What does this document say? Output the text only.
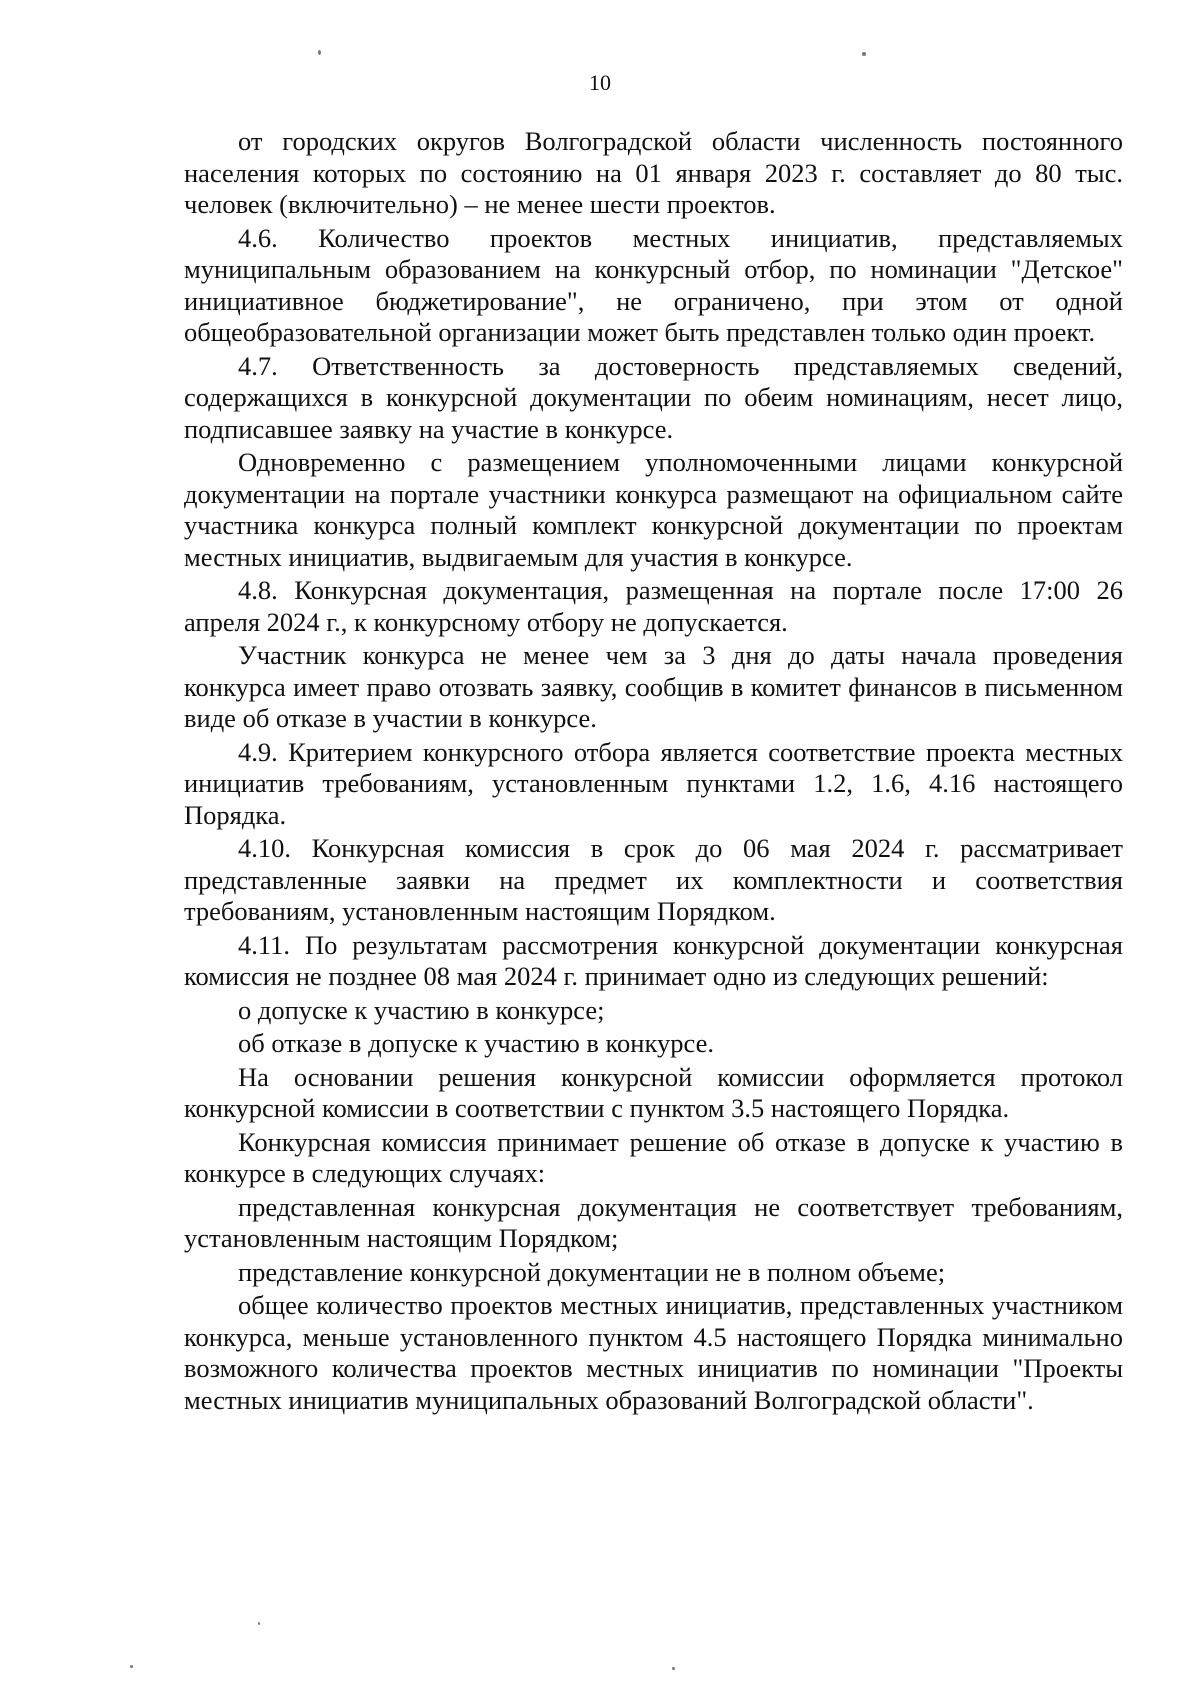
10

от городских округов Волгоградской области численность постоянного населения которых по состоянию на 01 января 2023 г. составляет до 80 тыс. человек (включительно) – не менее шести проектов.

4.6. Количество проектов местных инициатив, представляемых муниципальным образованием на конкурсный отбор, по номинации "Детское" инициативное бюджетирование", не ограничено, при этом от одной общеобразовательной организации может быть представлен только один проект.

4.7. Ответственность за достоверность представляемых сведений, содержащихся в конкурсной документации по обеим номинациям, несет лицо, подписавшее заявку на участие в конкурсе.

Одновременно с размещением уполномоченными лицами конкурсной документации на портале участники конкурса размещают на официальном сайте участника конкурса полный комплект конкурсной документации по проектам местных инициатив, выдвигаемым для участия в конкурсе.

4.8. Конкурсная документация, размещенная на портале после 17:00 26 апреля 2024 г., к конкурсному отбору не допускается.

Участник конкурса не менее чем за 3 дня до даты начала проведения конкурса имеет право отозвать заявку, сообщив в комитет финансов в письменном виде об отказе в участии в конкурсе.

4.9. Критерием конкурсного отбора является соответствие проекта местных инициатив требованиям, установленным пунктами 1.2, 1.6, 4.16 настоящего Порядка.

4.10. Конкурсная комиссия в срок до 06 мая 2024 г. рассматривает представленные заявки на предмет их комплектности и соответствия требованиям, установленным настоящим Порядком.

4.11. По результатам рассмотрения конкурсной документации конкурсная комиссия не позднее 08 мая 2024 г. принимает одно из следующих решений:

о допуске к участию в конкурсе;

об отказе в допуске к участию в конкурсе.

На основании решения конкурсной комиссии оформляется протокол конкурсной комиссии в соответствии с пунктом 3.5 настоящего Порядка.

Конкурсная комиссия принимает решение об отказе в допуске к участию в конкурсе в следующих случаях:

представленная конкурсная документация не соответствует требованиям, установленным настоящим Порядком;

представление конкурсной документации не в полном объеме;

общее количество проектов местных инициатив, представленных участником конкурса, меньше установленного пунктом 4.5 настоящего Порядка минимально возможного количества проектов местных инициатив по номинации "Проекты местных инициатив муниципальных образований Волгоградской области".
